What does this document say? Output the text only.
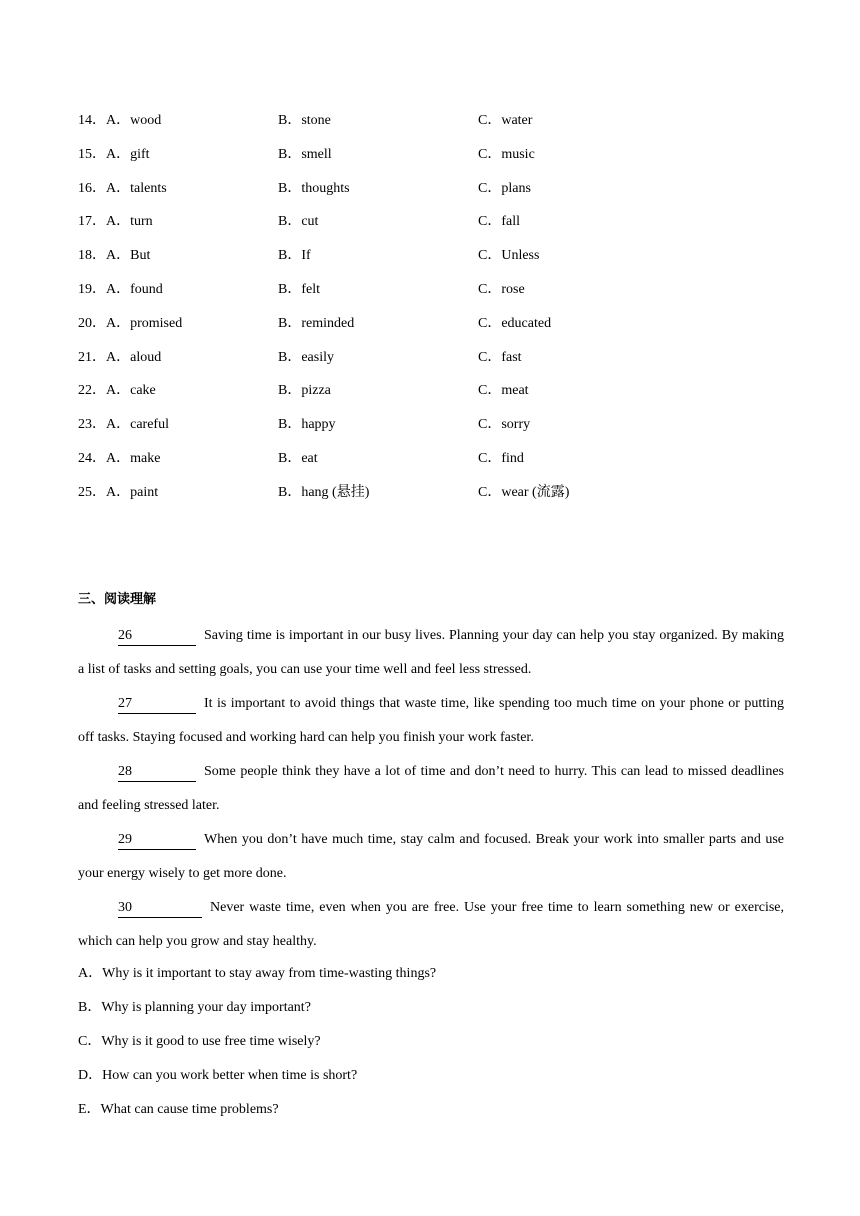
14．A．wood	B．stone	C．water
15．A．gift	B．smell	C．music
16．A．talents	B．thoughts	C．plans
17．A．turn	B．cut	C．fall
18．A．But	B．If	C．Unless
19．A．found	B．felt	C．rose
20．A．promised	B．reminded	C．educated
21．A．aloud	B．easily	C．fast
22．A．cake	B．pizza	C．meat
23．A．careful	B．happy	C．sorry
24．A．make	B．eat	C．find
25．A．paint	B．hang (悬挂)	C．wear (流露)
三、阅读理解

26	Saving time is important in our busy lives. Planning your day can help you stay organized. By making a list of tasks and setting goals, you can use your time well and feel less stressed.

27	It is important to avoid things that waste time, like spending too much time on your phone or putting off tasks. Staying focused and working hard can help you finish your work faster.

28	Some people think they have a lot of time and don’t need to hurry. This can lead to missed deadlines and feeling stressed later.

29	When you don’t have much time, stay calm and focused. Break your work into smaller parts and use your energy wisely to get more done.

30	Never waste time, even when you are free. Use your free time to learn something new or exercise, which can help you grow and stay healthy.

A．Why is it important to stay away from time-wasting things?
B．Why is planning your day important?
C．Why is it good to use free time wisely?
D．How can you work better when time is short?
E．What can cause time problems?
